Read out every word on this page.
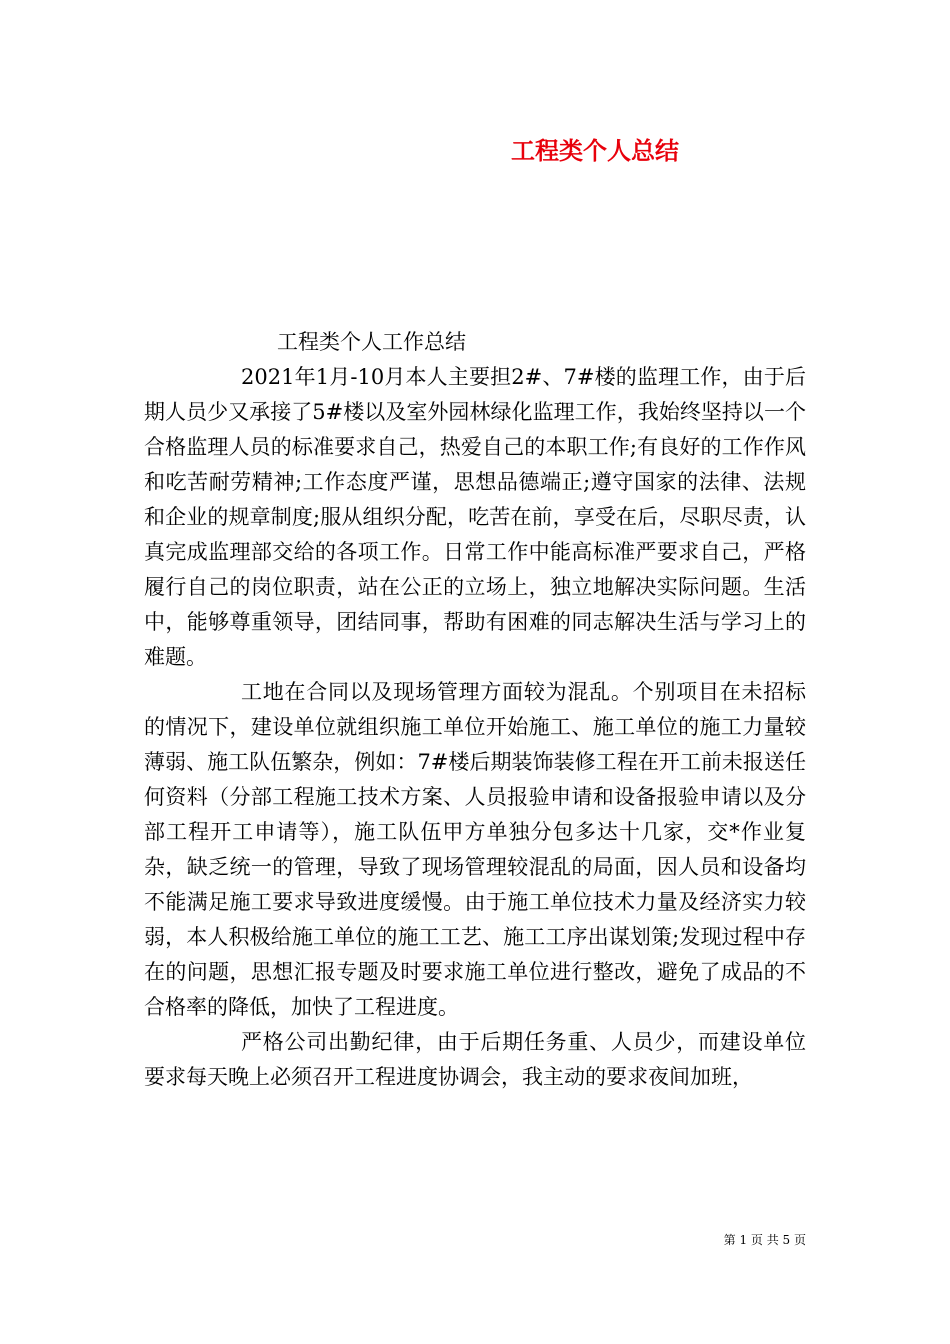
工程类个人总结

工程类个人工作总结

2021年1月-10月本人主要担2#、7#楼的监理工作，由于后期人员少又承接了5#楼以及室外园林绿化监理工作，我始终坚持以一个合格监理人员的标准要求自己，热爱自己的本职工作;有良好的工作作风和吃苦耐劳精神;工作态度严谨，思想品德端正;遵守国家的法律、法规和企业的规章制度;服从组织分配，吃苦在前，享受在后，尽职尽责，认真完成监理部交给的各项工作。日常工作中能高标准严要求自己，严格履行自己的岗位职责，站在公正的立场上，独立地解决实际问题。生活中，能够尊重领导，团结同事，帮助有困难的同志解决生活与学习上的难题。

工地在合同以及现场管理方面较为混乱。个别项目在未招标的情况下，建设单位就组织施工单位开始施工、施工单位的施工力量较薄弱、施工队伍繁杂，例如：7#楼后期装饰装修工程在开工前未报送任何资料（分部工程施工技术方案、人员报验申请和设备报验申请以及分部工程开工申请等），施工队伍甲方单独分包多达十几家，交*作业复杂，缺乏统一的管理，导致了现场管理较混乱的局面，因人员和设备均不能满足施工要求导致进度缓慢。由于施工单位技术力量及经济实力较弱，本人积极给施工单位的施工工艺、施工工序出谋划策;发现过程中存在的问题，思想汇报专题及时要求施工单位进行整改，避免了成品的不合格率的降低，加快了工程进度。

严格公司出勤纪律，由于后期任务重、人员少，而建设单位要求每天晚上必须召开工程进度协调会，我主动的要求夜间加班，

第 1 页 共 5 页
